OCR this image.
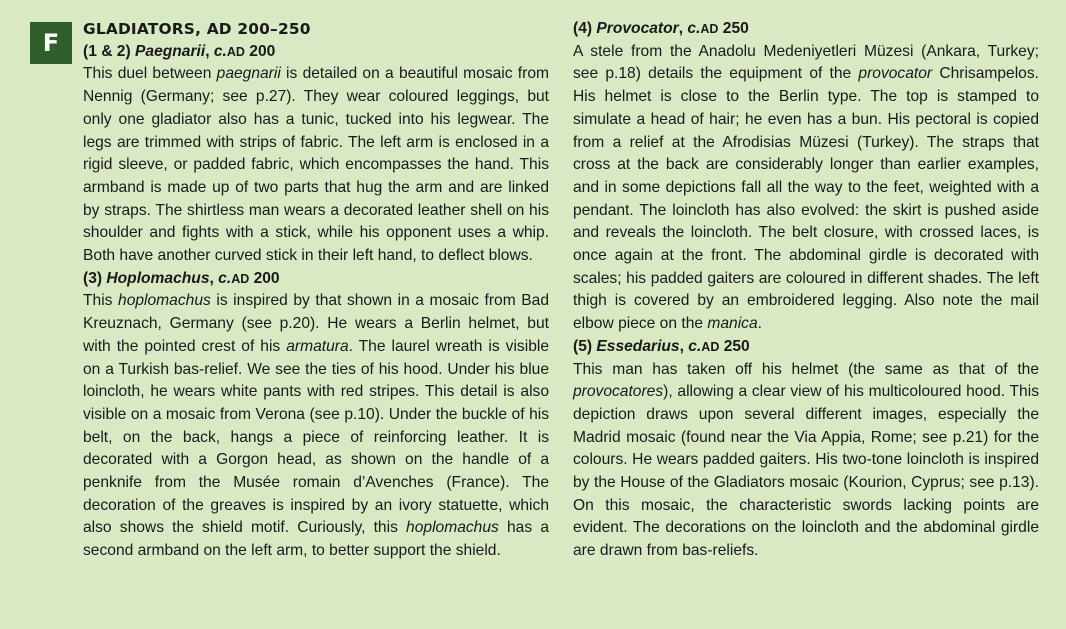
F	GLADIATORS, AD 200–250
(1 & 2) Paegnarii, c.AD 200

This duel between paegnarii is detailed on a beautiful mosaic from Nennig (Germany; see p.27). They wear coloured leggings, but only one gladiator also has a tunic, tucked into his legwear. The legs are trimmed with strips of fabric. The left arm is enclosed in a rigid sleeve, or padded fabric, which encompasses the hand. This armband is made up of two parts that hug the arm and are linked by straps. The shirtless man wears a decorated leather shell on his shoulder and fights with a stick, while his opponent uses a whip. Both have another curved stick in their left hand, to deflect blows.

(3) Hoplomachus, c.AD 200

This hoplomachus is inspired by that shown in a mosaic from Bad Kreuznach, Germany (see p.20). He wears a Berlin helmet, but with the pointed crest of his armatura. The laurel wreath is visible on a Turkish bas-relief. We see the ties of his hood. Under his blue loincloth, he wears white pants with red stripes. This detail is also visible on a mosaic from Verona (see p.10). Under the buckle of his belt, on the back, hangs a piece of reinforcing leather. It is decorated with a Gorgon head, as shown on the handle of a penknife from the Musée romain d’Avenches (France). The decoration of the greaves is inspired by an ivory statuette, which also shows the shield motif. Curiously, this hoplomachus has a second armband on the left arm, to better support the shield.

(4) Provocator, c.AD 250

A stele from the Anadolu Medeniyetleri Müzesi (Ankara, Turkey; see p.18) details the equipment of the provocator Chrisampelos. His helmet is close to the Berlin type. The top is stamped to simulate a head of hair; he even has a bun. His pectoral is copied from a relief at the Afrodisias Müzesi (Turkey). The straps that cross at the back are considerably longer than earlier examples, and in some depictions fall all the way to the feet, weighted with a pendant. The loincloth has also evolved: the skirt is pushed aside and reveals the loincloth. The belt closure, with crossed laces, is once again at the front. The abdominal girdle is decorated with scales; his padded gaiters are coloured in different shades. The left thigh is covered by an embroidered legging. Also note the mail elbow piece on the manica.

(5) Essedarius, c.AD 250

This man has taken off his helmet (the same as that of the provocatores), allowing a clear view of his multicoloured hood. This depiction draws upon several different images, especially the Madrid mosaic (found near the Via Appia, Rome; see p.21) for the colours. He wears padded gaiters. His two-tone loincloth is inspired by the House of the Gladiators mosaic (Kourion, Cyprus; see p.13). On this mosaic, the characteristic swords lacking points are evident. The decorations on the loincloth and the abdominal girdle are drawn from bas-reliefs.
